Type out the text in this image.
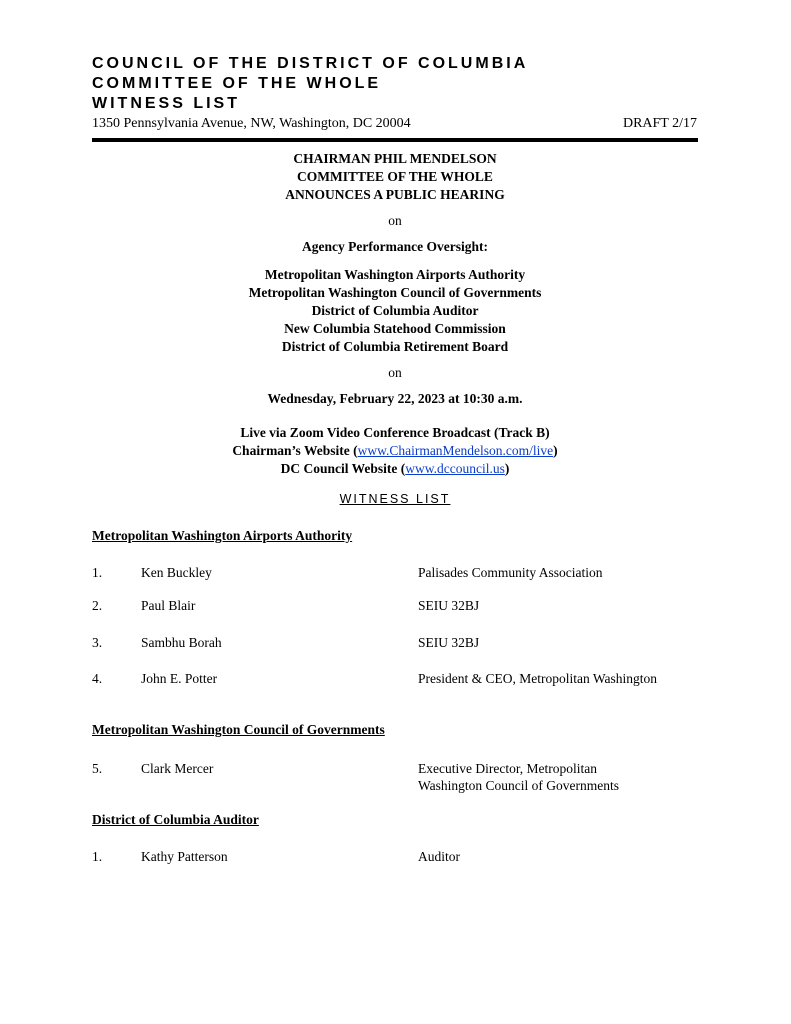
COUNCIL OF THE DISTRICT OF COLUMBIA
COMMITTEE OF THE WHOLE
WITNESS LIST
1350 Pennsylvania Avenue, NW, Washington, DC 20004	DRAFT 2/17
CHAIRMAN PHIL MENDELSON
COMMITTEE OF THE WHOLE
ANNOUNCES A PUBLIC HEARING
on
Agency Performance Oversight:
Metropolitan Washington Airports Authority
Metropolitan Washington Council of Governments
District of Columbia Auditor
New Columbia Statehood Commission
District of Columbia Retirement Board
on
Wednesday, February 22, 2023 at 10:30 a.m.
Live via Zoom Video Conference Broadcast (Track B)
Chairman’s Website (www.ChairmanMendelson.com/live)
DC Council Website (www.dccouncil.us)
WITNESS LIST
Metropolitan Washington Airports Authority
1.	Ken Buckley	Palisades Community Association
2.	Paul Blair	SEIU 32BJ
3.	Sambhu Borah	SEIU 32BJ
4.	John E. Potter	President & CEO, Metropolitan Washington
Metropolitan Washington Council of Governments
5.	Clark Mercer	Executive Director, Metropolitan
Washington Council of Governments
District of Columbia Auditor
1.	Kathy Patterson	Auditor
